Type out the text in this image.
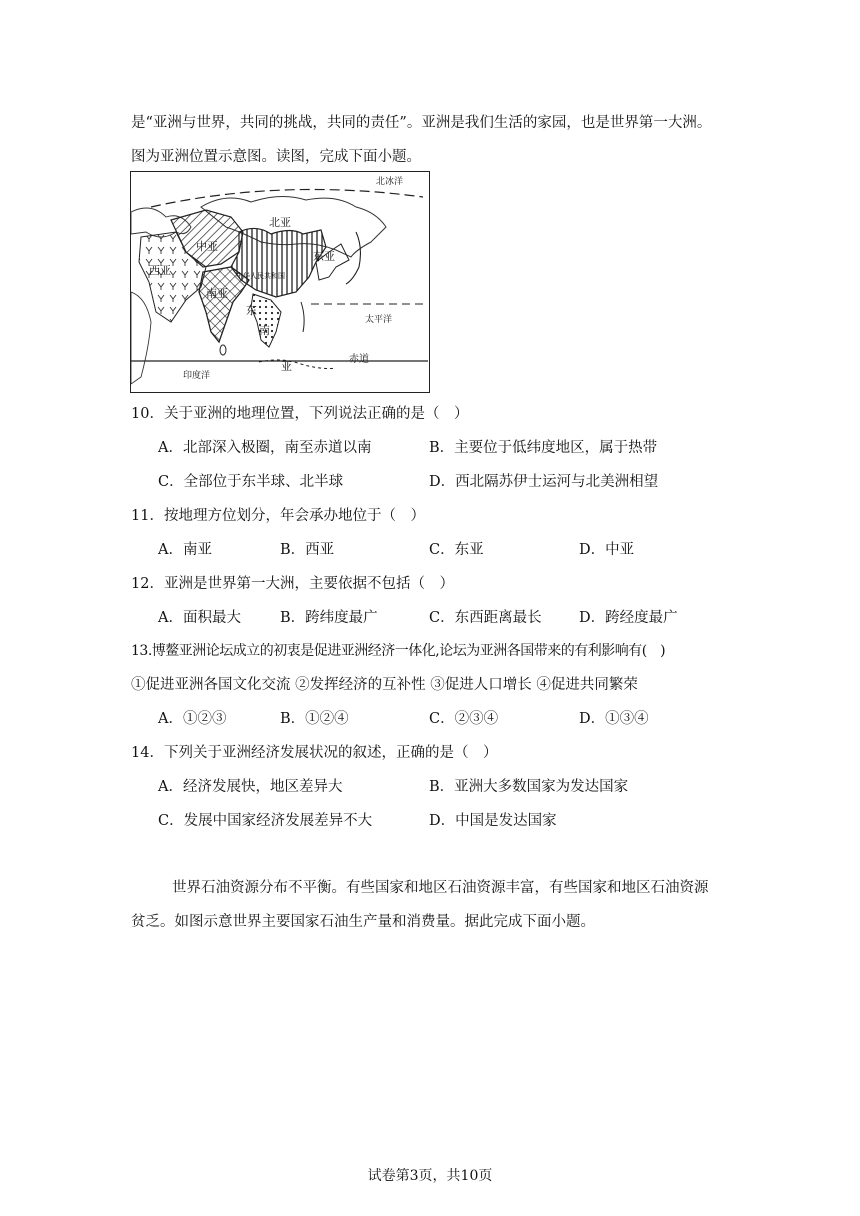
是“亚洲与世界，共同的挑战，共同的责任”。亚洲是我们生活的家园，也是世界第一大洲。
图为亚洲位置示意图。读图，完成下面小题。
北冰洋
北亚
中亚
东亚
西亚	中华人民共和国
南亚
东
南
亚
太平洋
赤道
印度洋
10．关于亚洲的地理位置，下列说法正确的是（　）
A．北部深入极圈，南至赤道以南	B．主要位于低纬度地区，属于热带
C．全部位于东半球、北半球	D．西北隔苏伊士运河与北美洲相望
11．按地理方位划分，年会承办地位于（　）
A．南亚	B．西亚	C．东亚	D．中亚
12．亚洲是世界第一大洲，主要依据不包括（　）
A．面积最大	B．跨纬度最广	C．东西距离最长	D．跨经度最广
13.博鳌亚洲论坛成立的初衷是促进亚洲经济一体化,论坛为亚洲各国带来的有利影响有(　)
①促进亚洲各国文化交流 ②发挥经济的互补性 ③促进人口增长 ④促进共同繁荣
A．①②③	B．①②④	C．②③④	D．①③④
14．下列关于亚洲经济发展状况的叙述，正确的是（　）
A．经济发展快，地区差异大	B．亚洲大多数国家为发达国家
C．发展中国家经济发展差异不大	D．中国是发达国家
世界石油资源分布不平衡。有些国家和地区石油资源丰富，有些国家和地区石油资源
贫乏。如图示意世界主要国家石油生产量和消费量。据此完成下面小题。
试卷第3页，共10页
